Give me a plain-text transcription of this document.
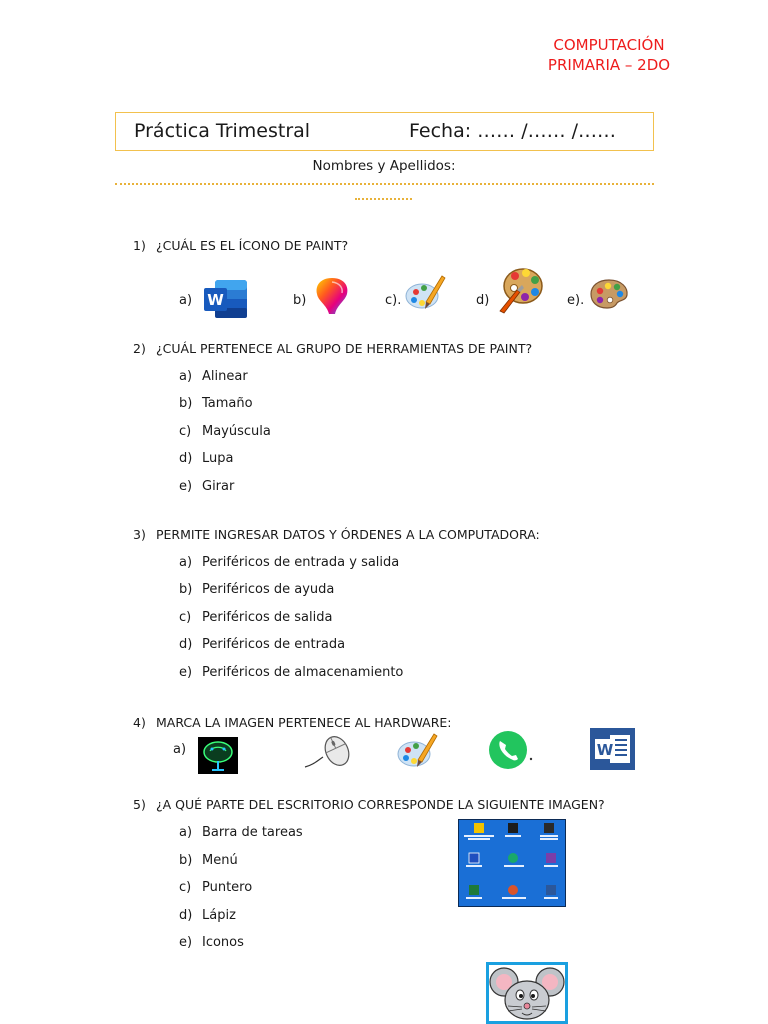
COMPUTACIÓN
PRIMARIA – 2DO
Práctica Trimestral	Fecha: …… /…… /……
Nombres y Apellidos:
1) ¿CUÁL ES EL ÍCONO DE PAINT?
a) W	b)	c).	d)	e).
2) ¿CUÁL PERTENECE AL GRUPO DE HERRAMIENTAS DE PAINT?
a) Alinear
b) Tamaño
c) Mayúscula
d) Lupa
e) Girar
3) PERMITE INGRESAR DATOS Y ÓRDENES A LA COMPUTADORA:
a) Periféricos de entrada y salida
b) Periféricos de ayuda
c) Periféricos de salida
d) Periféricos de entrada
e) Periféricos de almacenamiento
4) MARCA LA IMAGEN PERTENECE AL HARDWARE:
a)	W
5) ¿A QUÉ PARTE DEL ESCRITORIO CORRESPONDE LA SIGUIENTE IMAGEN?
a) Barra de tareas
b) Menú
c) Puntero
d) Lápiz
e) Iconos
